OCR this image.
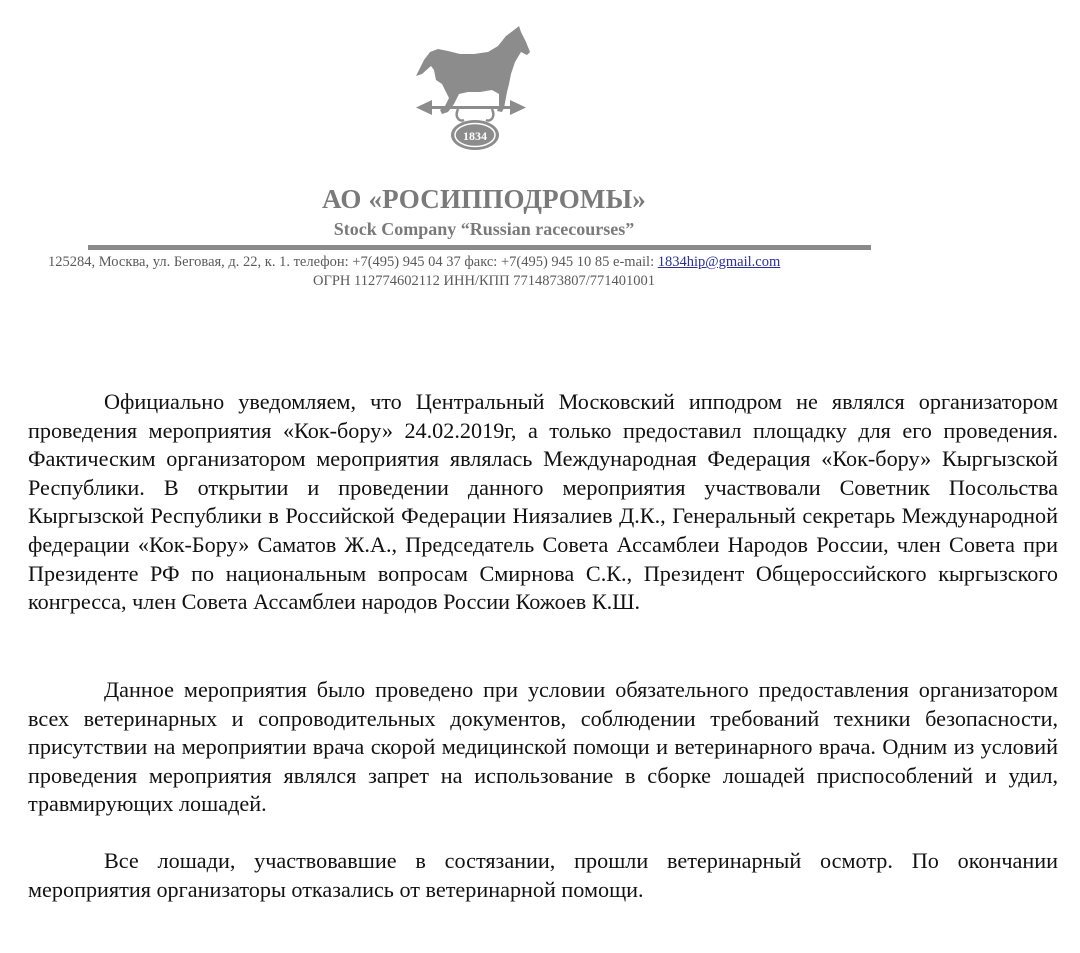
1834
АО «РОСИППОДРОМЫ»
Stock Company “Russian racecourses”
125284, Москва, ул. Беговая, д. 22, к. 1. телефон: +7(495) 945 04 37 факс: +7(495) 945 10 85 e-mail: 1834hip@gmail.com
ОГРН 112774602112 ИНН/КПП 7714873807/771401001

Официально уведомляем, что Центральный Московский ипподром не являлся организатором проведения мероприятия «Кок-бору» 24.02.2019г, а только предоставил площадку для его проведения. Фактическим организатором мероприятия являлась Международная Федерация «Кок-бору» Кыргызской Республики. В открытии и проведении данного мероприятия участвовали Советник Посольства Кыргызской Республики в Российской Федерации Ниязалиев Д.К., Генеральный секретарь Международной федерации «Кок-Бору» Саматов Ж.А., Председатель Совета Ассамблеи Народов России, член Совета при Президенте РФ по национальным вопросам Смирнова С.К., Президент Общероссийского кыргызского конгресса, член Совета Ассамблеи народов России Кожоев К.Ш.

Данное мероприятия было проведено при условии обязательного предоставления организатором всех ветеринарных и сопроводительных документов, соблюдении требований техники безопасности, присутствии на мероприятии врача скорой медицинской помощи и ветеринарного врача. Одним из условий проведения мероприятия являлся запрет на использование в сборке лошадей приспособлений и удил, травмирующих лошадей.

Все лошади, участвовавшие в состязании, прошли ветеринарный осмотр. По окончании мероприятия организаторы отказались от ветеринарной помощи.
